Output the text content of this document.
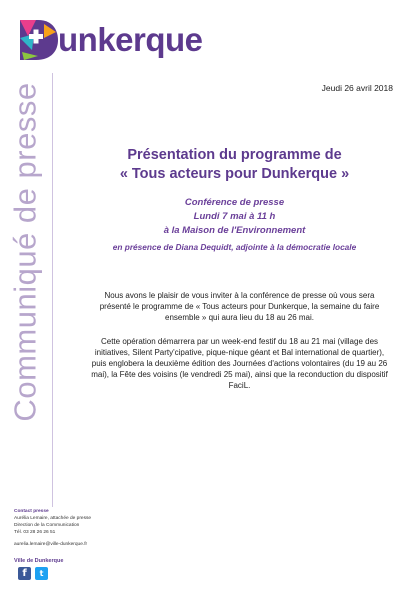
unkerque
Communiqué de presse	Jeudi 26 avril 2018
Présentation du programme de
« Tous acteurs pour Dunkerque »
Conférence de presse
Lundi 7 mai à 11 h
à la Maison de l'Environnement
en présence de Diana Dequidt, adjointe à la démocratie locale

Nous avons le plaisir de vous inviter à la conférence de presse où vous sera présenté le programme de « Tous acteurs pour Dunkerque, la semaine du faire ensemble » qui aura lieu du 18 au 26 mai.

Cette opération démarrera par un week-end festif du 18 au 21 mai (village des initiatives, Silent Party'cipative, pique-nique géant et Bal international de quartier), puis englobera la deuxième édition des Journées d'actions volontaires (du 19 au 26 mai), la Fête des voisins (le vendredi 25 mai), ainsi que la reconduction du dispositif FaciL.

Contact presse
Aurélia Lemaire, attachée de presse
Direction de la Communication
Tél. 03 28 26 26 51
aurelia.lemaire@ville-dunkerque.fr
Ville de Dunkerque
f	t
